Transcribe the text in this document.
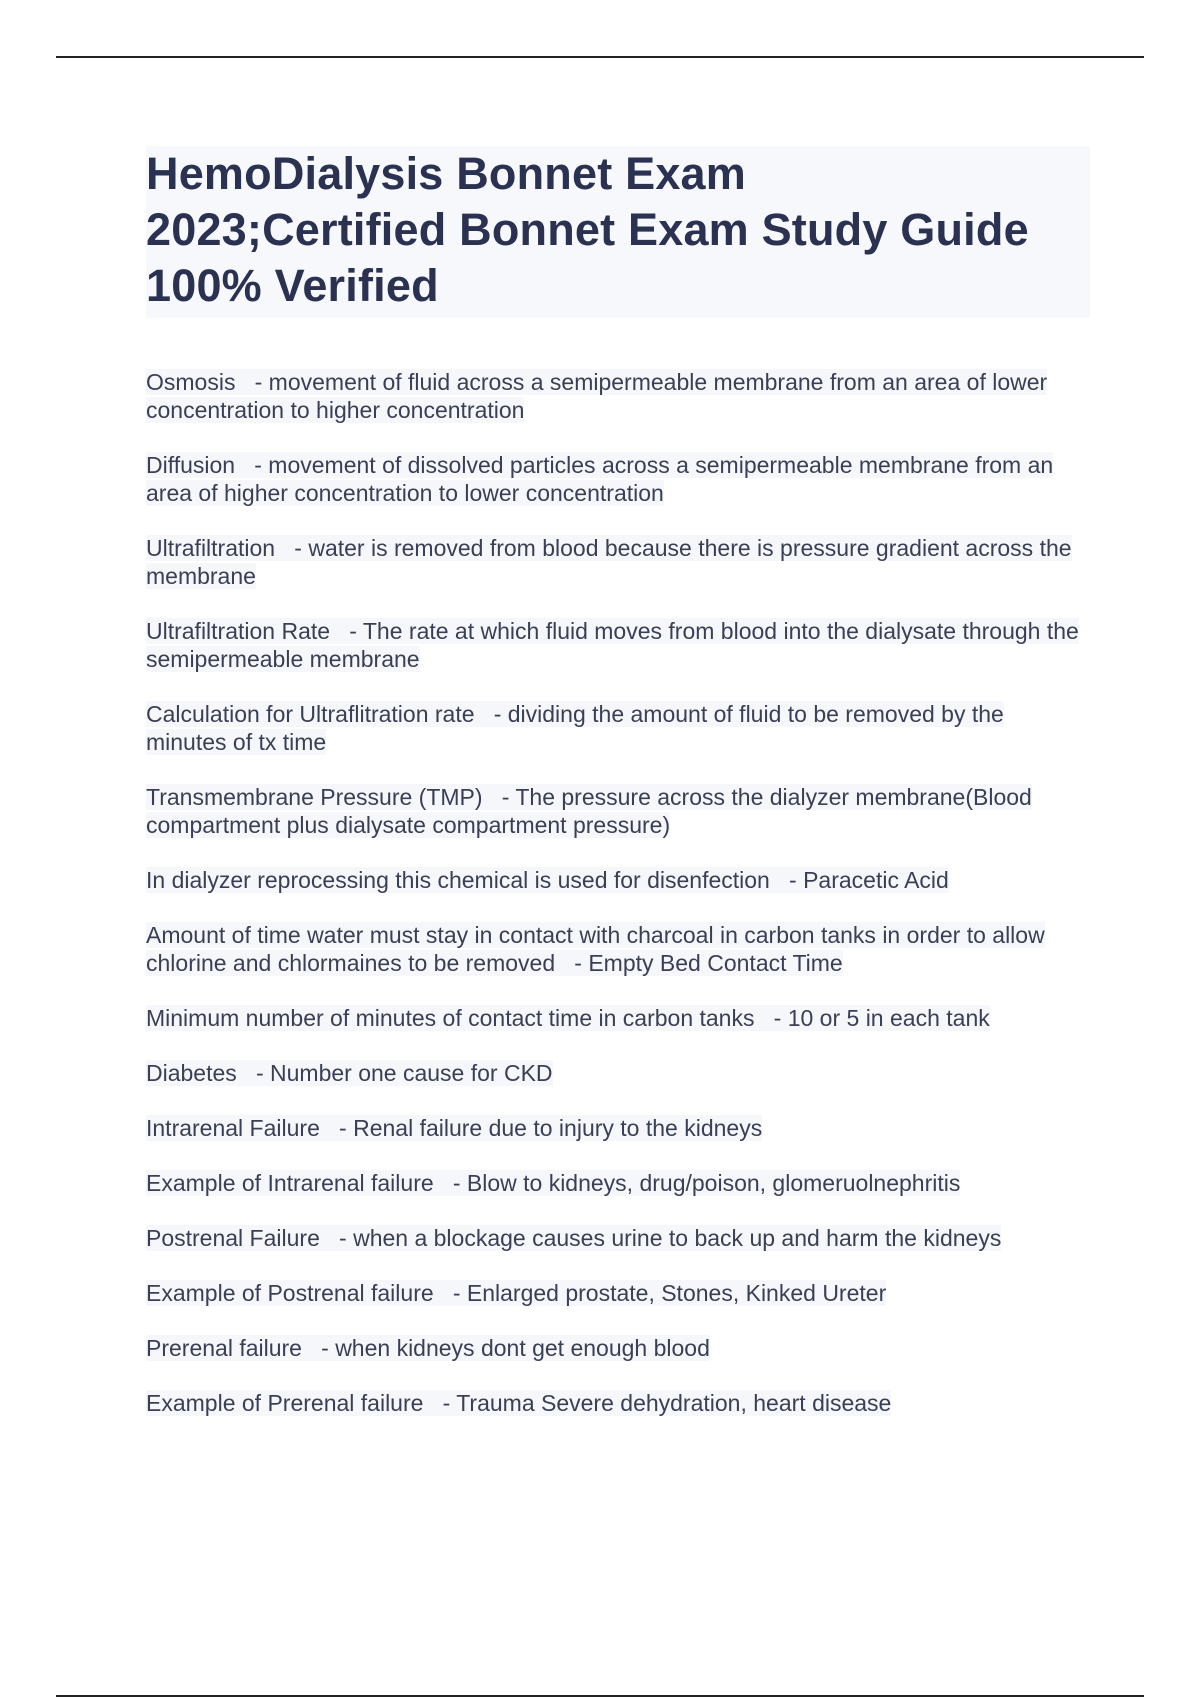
HemoDialysis Bonnet Exam
2023;Certified Bonnet Exam Study Guide
100% Verified

Osmosis - movement of fluid across a semipermeable membrane from an area of lower concentration to higher concentration

Diffusion - movement of dissolved particles across a semipermeable membrane from an area of higher concentration to lower concentration

Ultrafiltration - water is removed from blood because there is pressure gradient across the membrane

Ultrafiltration Rate - The rate at which fluid moves from blood into the dialysate through the semipermeable membrane

Calculation for Ultraflitration rate - dividing the amount of fluid to be removed by the minutes of tx time

Transmembrane Pressure (TMP) - The pressure across the dialyzer membrane(Blood compartment plus dialysate compartment pressure)

In dialyzer reprocessing this chemical is used for disenfection - Paracetic Acid

Amount of time water must stay in contact with charcoal in carbon tanks in order to allow chlorine and chlormaines to be removed - Empty Bed Contact Time

Minimum number of minutes of contact time in carbon tanks - 10 or 5 in each tank

Diabetes - Number one cause for CKD

Intrarenal Failure - Renal failure due to injury to the kidneys

Example of Intrarenal failure - Blow to kidneys, drug/poison, glomeruolnephritis

Postrenal Failure - when a blockage causes urine to back up and harm the kidneys

Example of Postrenal failure - Enlarged prostate, Stones, Kinked Ureter

Prerenal failure - when kidneys dont get enough blood

Example of Prerenal failure - Trauma Severe dehydration, heart disease
